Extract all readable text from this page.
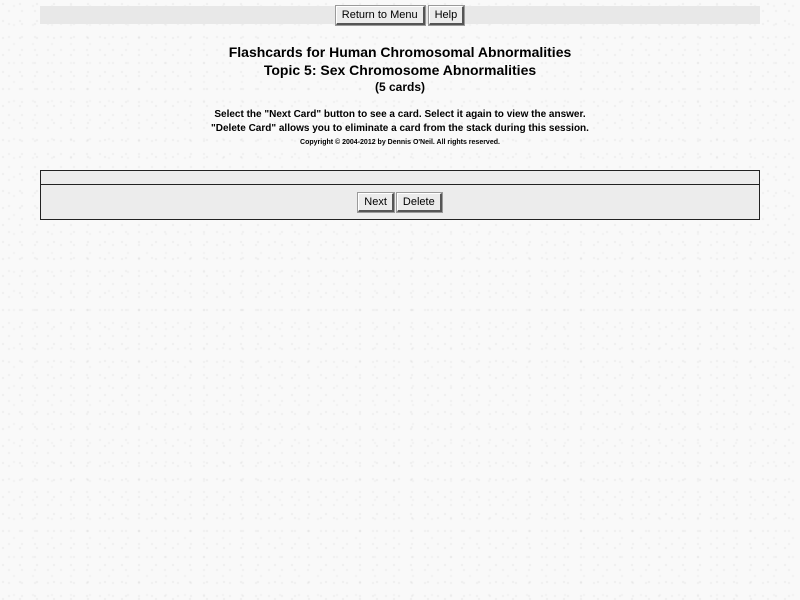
Return to Menu	Help

Flashcards for Human Chromosomal Abnormalities

Topic 5: Sex Chromosome Abnormalities

(5 cards)

Select the "Next Card" button to see a card. Select it again to view the answer.

"Delete Card" allows you to eliminate a card from the stack during this session.

Copyright © 2004-2012 by Dennis O'Neil. All rights reserved.

Next	Delete
